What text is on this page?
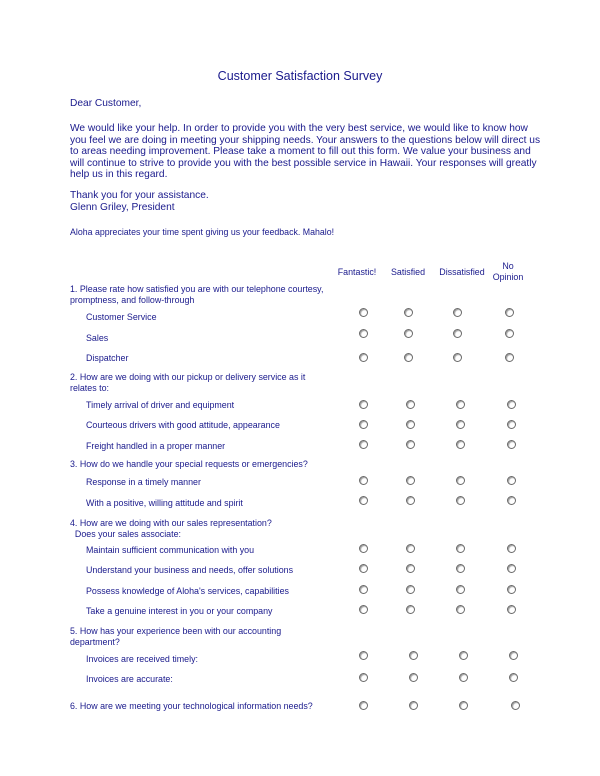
Customer Satisfaction Survey
Dear Customer,
We would like your help. In order to provide you with the very best service, we would like to know how
you feel we are doing in meeting your shipping needs. Your answers to the questions below will direct us
to areas needing improvement. Please take a moment to fill out this form. We value your business and
will continue to strive to provide you with the best possible service in Hawaii. Your responses will greatly
help us in this regard.
Thank you for your assistance.
Glenn Griley, President
Aloha appreciates your time spent giving us your feedback. Mahalo!
Fantastic!	Satisfied	Dissatisfied
No
Opinion
1. Please rate how satisfied you are with our telephone courtesy,
promptness, and follow-through
Customer Service
Sales
Dispatcher
2. How are we doing with our pickup or delivery service as it
relates to:
Timely arrival of driver and equipment
Courteous drivers with good attitude, appearance
Freight handled in a proper manner
3. How do we handle your special requests or emergencies?
Response in a timely manner
With a positive, willing attitude and spirit
4. How are we doing with our sales representation?
Does your sales associate:
Maintain sufficient communication with you
Understand your business and needs, offer solutions
Possess knowledge of Aloha's services, capabilities
Take a genuine interest in you or your company
5. How has your experience been with our accounting
department?
Invoices are received timely:
Invoices are accurate:
6. How are we meeting your technological information needs?
